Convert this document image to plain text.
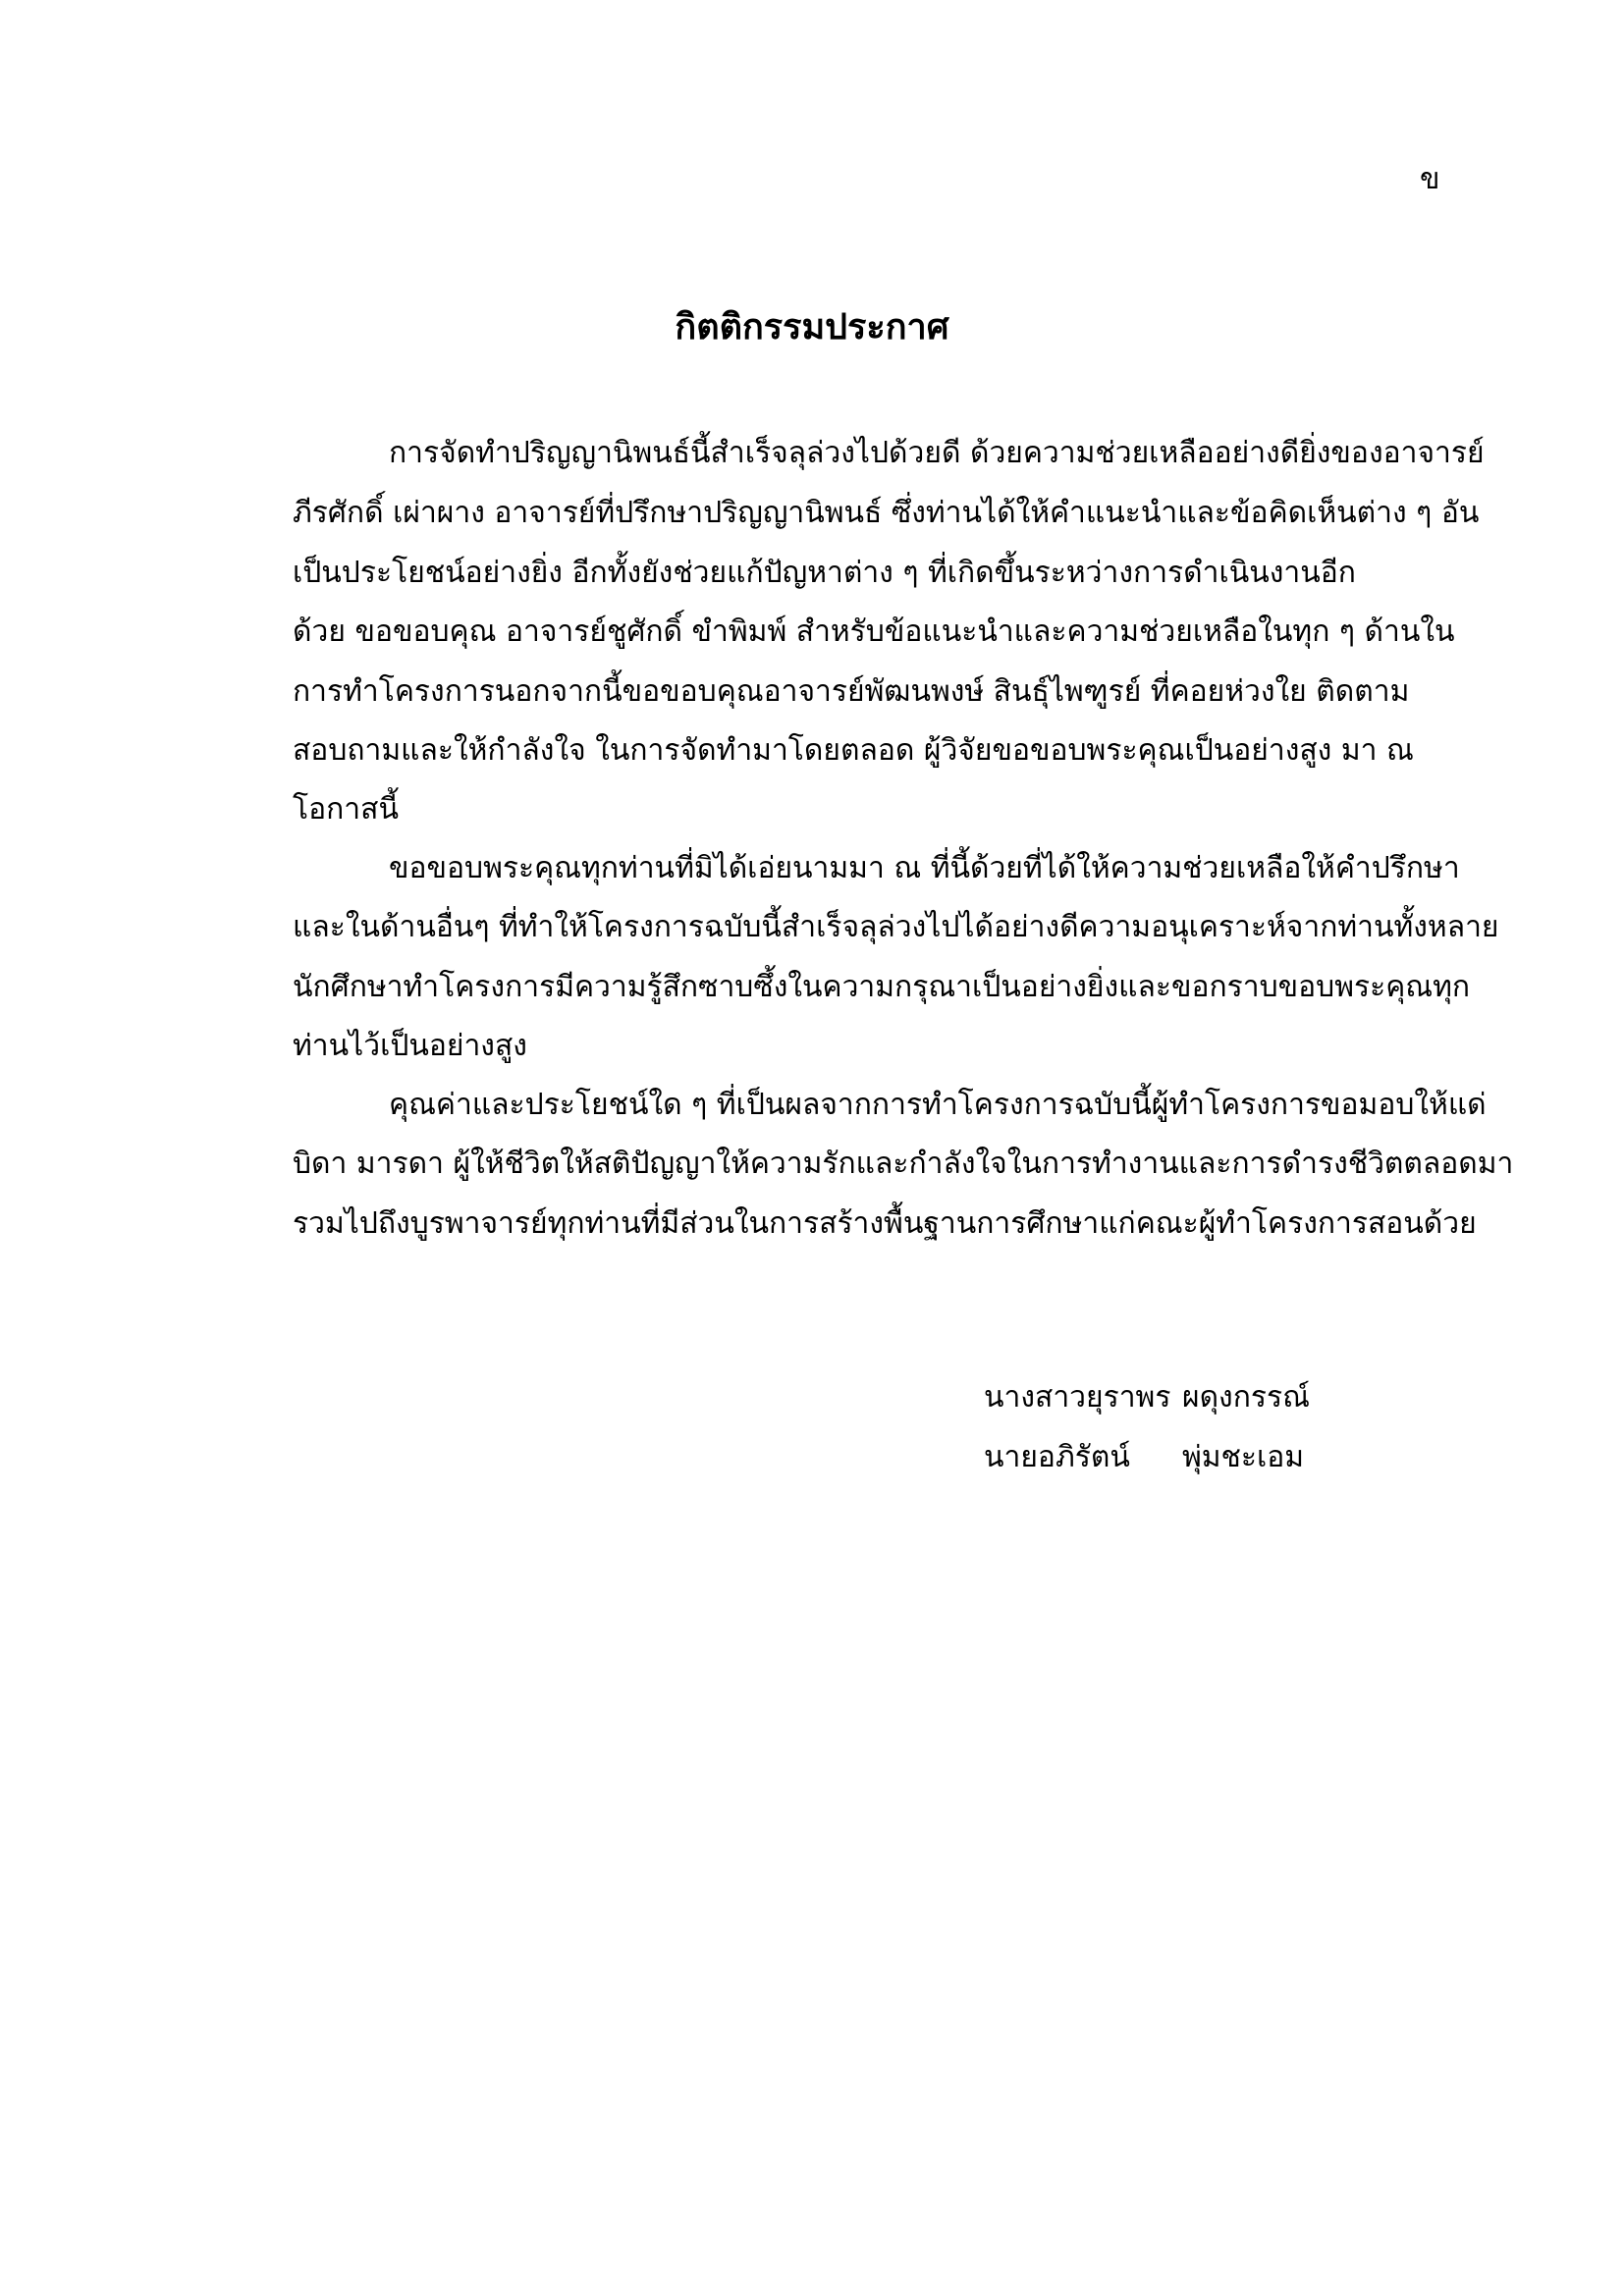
ข
กิตติกรรมประกาศ
การจัดทำปริญญานิพนธ์นี้สำเร็จลุล่วงไปด้วยดี ด้วยความช่วยเหลืออย่างดียิ่งของอาจารย์
ภีรศักดิ์ เผ่าผาง อาจารย์ที่ปรึกษาปริญญานิพนธ์ ซึ่งท่านได้ให้คำแนะนำและข้อคิดเห็นต่าง ๆ อัน
เป็นประโยชน์อย่างยิ่ง อีกทั้งยังช่วยแก้ปัญหาต่าง ๆ ที่เกิดขึ้นระหว่างการดำเนินงานอีก
ด้วย ขอขอบคุณ อาจารย์ชูศักดิ์ ขำพิมพ์ สำหรับข้อแนะนำและความช่วยเหลือในทุก ๆ ด้านใน
การทำโครงการนอกจากนี้ขอขอบคุณอาจารย์พัฒนพงษ์ สินธุ์ไพฑูรย์ ที่คอยห่วงใย ติดตาม
สอบถามและให้กำลังใจ ในการจัดทำมาโดยตลอด ผู้วิจัยขอขอบพระคุณเป็นอย่างสูง มา ณ
โอกาสนี้
ขอขอบพระคุณทุกท่านที่มิได้เอ่ยนามมา ณ ที่นี้ด้วยที่ได้ให้ความช่วยเหลือให้คำปรึกษา
และในด้านอื่นๆ ที่ทำให้โครงการฉบับนี้สำเร็จลุล่วงไปได้อย่างดีความอนุเคราะห์จากท่านทั้งหลาย
นักศึกษาทำโครงการมีความรู้สึกซาบซึ้งในความกรุณาเป็นอย่างยิ่งและขอกราบขอบพระคุณทุก
ท่านไว้เป็นอย่างสูง
คุณค่าและประโยชน์ใด ๆ ที่เป็นผลจากการทำโครงการฉบับนี้ผู้ทำโครงการขอมอบให้แด่
บิดา มารดา ผู้ให้ชีวิตให้สติปัญญาให้ความรักและกำลังใจในการทำงานและการดำรงชีวิตตลอดมา
รวมไปถึงบูรพาจารย์ทุกท่านที่มีส่วนในการสร้างพื้นฐานการศึกษาแก่คณะผู้ทำโครงการสอนด้วย
นางสาวยุราพร ผดุงกรรณ์
นายอภิรัตน์ พุ่มชะเอม
